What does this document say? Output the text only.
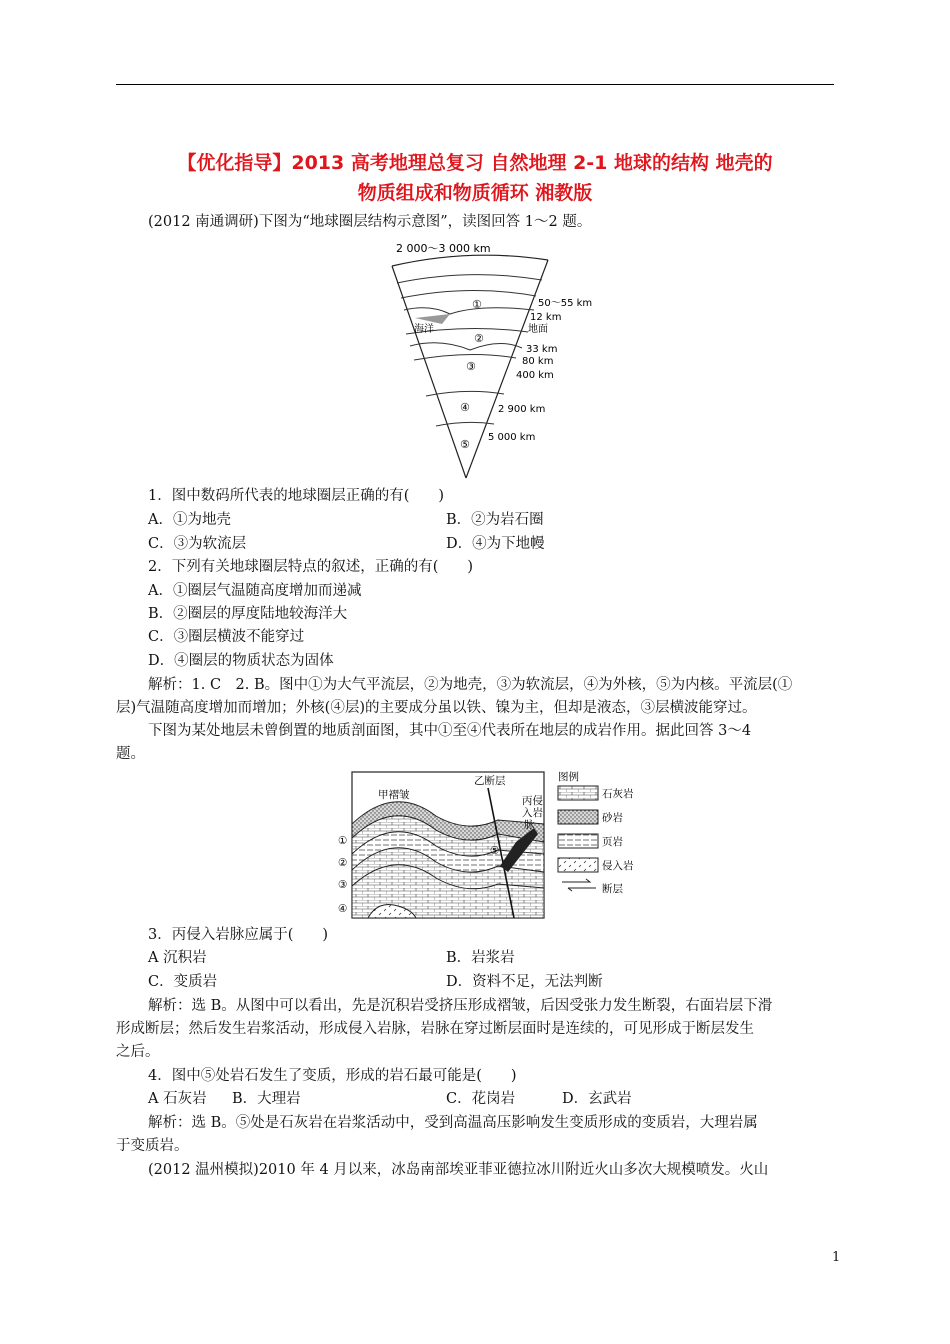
【优化指导】2013 高考地理总复习 自然地理 2-1 地球的结构 地壳的
物质组成和物质循环 湘教版
(2012 南通调研)下图为“地球圈层结构示意图”，读图回答 1～2 题。
2 000～3 000 km
①
②
③
④
⑤
海洋
50～55 km
12 km
地面
33 km
80 km
400 km
2 900 km
5 000 km
1．图中数码所代表的地球圈层正确的有(　　)
A．①为地壳	B．②为岩石圈
C．③为软流层	D．④为下地幔
2．下列有关地球圈层特点的叙述，正确的有(　　)
A．①圈层气温随高度增加而递减
B．②圈层的厚度陆地较海洋大
C．③圈层横波不能穿过
D．④圈层的物质状态为固体
解析：1. C　2. B。图中①为大气平流层，②为地壳，③为软流层，④为外核，⑤为内核。平流层(①
层)气温随高度增加而增加；外核(④层)的主要成分虽以铁、镍为主，但却是液态，③层横波能穿过。
下图为某处地层未曾倒置的地质剖面图，其中①至④代表所在地层的成岩作用。据此回答 3～4
题。
甲褶皱
乙断层
丙侵
入岩
脉
①
②
③
④
⑤
图例
石灰岩
砂岩
页岩
侵入岩
断层
3．丙侵入岩脉应属于(　　)
A 沉积岩	B．岩浆岩
C．变质岩	D．资料不足，无法判断
解析：选 B。从图中可以看出，先是沉积岩受挤压形成褶皱，后因受张力发生断裂，右面岩层下滑
形成断层；然后发生岩浆活动，形成侵入岩脉，岩脉在穿过断层面时是连续的，可见形成于断层发生
之后。
4．图中⑤处岩石发生了变质，形成的岩石最可能是(　　)
A 石灰岩 B．大理岩	C．花岗岩	D．玄武岩
解析：选 B。⑤处是石灰岩在岩浆活动中，受到高温高压影响发生变质形成的变质岩，大理岩属
于变质岩。
(2012 温州模拟)2010 年 4 月以来，冰岛南部埃亚菲亚德拉冰川附近火山多次大规模喷发。火山
1
